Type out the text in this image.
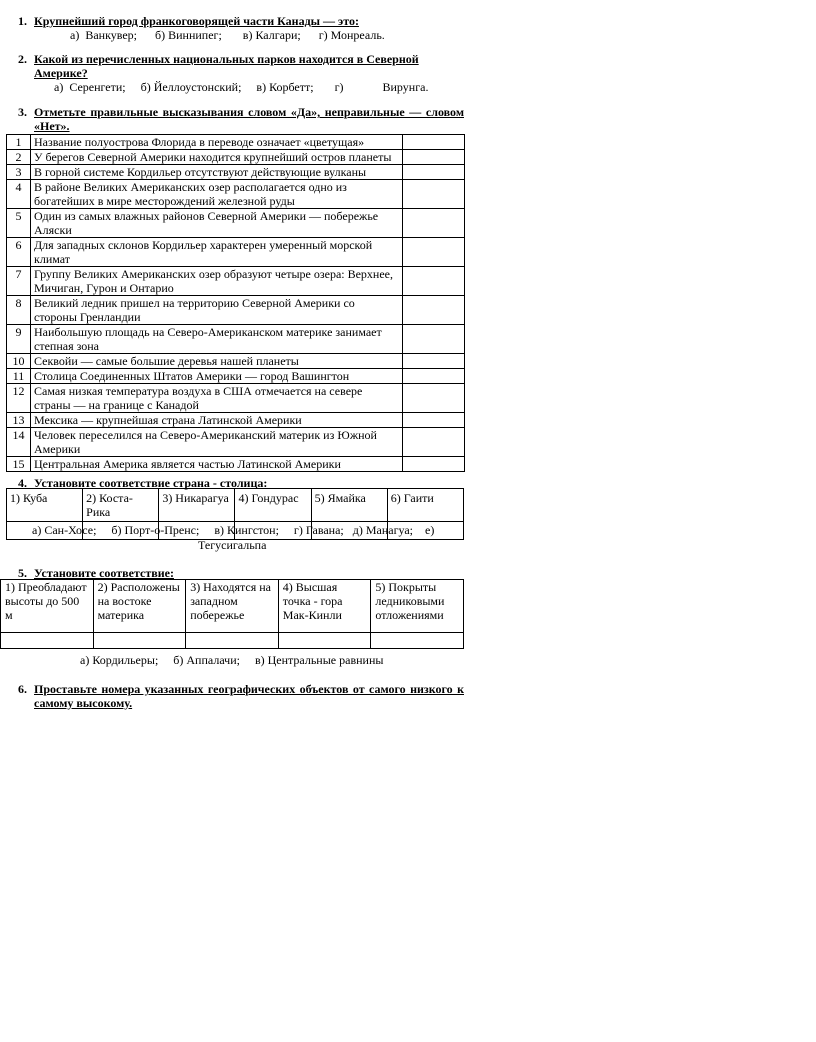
1. Крупнейший город франкоговорящей части Канады — это:
а)  Ванкувер;      б) Виннипег;       в) Калгари;      г) Монреаль.
2. Какой из перечисленных национальных парков находится в Северной Америке?
а)  Серенгети;     б) Йеллоустонский;     в) Корбетт;       г)             Вирунга.
3. Отметьте правильные высказывания словом «Да», неправильные — словом «Нет».
1	Название полуострова Флорида в переводе означает «цветущая»	
2	У берегов Северной Америки находится крупнейший остров планеты	
3	В горной системе Кордильер отсутствуют действующие вулканы	
4	В районе Великих Американских озер располагается одно из богатейших в мире месторождений железной руды	
5	Один из самых влажных районов Северной Америки — побережье Аляски	
6	Для западных склонов Кордильер характерен умеренный морской климат	
7	Группу Великих Американских озер образуют четыре озера: Верхнее, Мичиган, Гурон и Онтарио	
8	Великий ледник пришел на территорию Северной Америки со стороны Гренландии	
9	Наибольшую площадь на Северо-Американском материке занимает степная зона	
10	Секвойи — самые большие деревья нашей планеты	
11	Столица Соединенных Штатов Америки — город Вашингтон	
12	Самая низкая температура воздуха в США отмечается на севере страны — на границе с Канадой	
13	Мексика — крупнейшая страна Латинской Америки	
14	Человек переселился на Северо-Американский материк из Южной Америки	
15	Центральная Америка является частью Латинской Америки	
4. Установите соответствие страна - столица:
1) Куба	2) Коста-Рика	3) Никарагуа	4) Гондурас	5) Ямайка	6) Гаити

а) Сан-Хосе;     б) Порт-о-Пренс;     в) Кингстон;     г) Гавана;   д) Манагуа;    е)
Тегусигальпа
5. Установите соответствие:
1) Преобладают высоты до 500 м	2) Расположены на востоке материка	3) Находятся на западном побережье	4) Высшая точка - гора Мак-Кинли	5) Покрыты ледниковыми отложениями

а) Кордильеры;     б) Аппалачи;     в) Центральные равнины
6. Проставьте номера указанных географических объектов от самого низкого к самому высокому.
